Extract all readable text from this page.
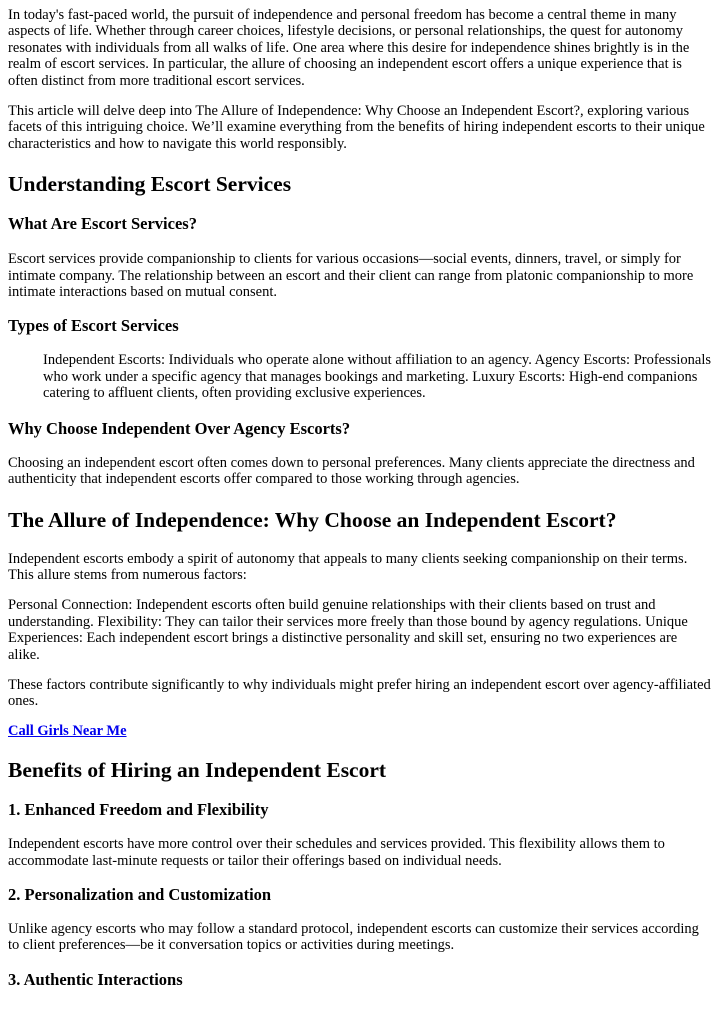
In today's fast-paced world, the pursuit of independence and personal freedom has become a central theme in many aspects of life. Whether through career choices, lifestyle decisions, or personal relationships, the quest for autonomy resonates with individuals from all walks of life. One area where this desire for independence shines brightly is in the realm of escort services. In particular, the allure of choosing an independent escort offers a unique experience that is often distinct from more traditional escort services.

This article will delve deep into The Allure of Independence: Why Choose an Independent Escort?, exploring various facets of this intriguing choice. We’ll examine everything from the benefits of hiring independent escorts to their unique characteristics and how to navigate this world responsibly.

Understanding Escort Services
What Are Escort Services?

Escort services provide companionship to clients for various occasions—social events, dinners, travel, or simply for intimate company. The relationship between an escort and their client can range from platonic companionship to more intimate interactions based on mutual consent.

Types of Escort Services
Independent Escorts: Individuals who operate alone without affiliation to an agency. Agency Escorts: Professionals who work under a specific agency that manages bookings and marketing. Luxury Escorts: High-end companions catering to affluent clients, often providing exclusive experiences.
Why Choose Independent Over Agency Escorts?

Choosing an independent escort often comes down to personal preferences. Many clients appreciate the directness and authenticity that independent escorts offer compared to those working through agencies.

The Allure of Independence: Why Choose an Independent Escort?

Independent escorts embody a spirit of autonomy that appeals to many clients seeking companionship on their terms. This allure stems from numerous factors:

Personal Connection: Independent escorts often build genuine relationships with their clients based on trust and understanding. Flexibility: They can tailor their services more freely than those bound by agency regulations. Unique Experiences: Each independent escort brings a distinctive personality and skill set, ensuring no two experiences are alike.

These factors contribute significantly to why individuals might prefer hiring an independent escort over agency-affiliated ones.

Call Girls Near Me

Benefits of Hiring an Independent Escort
1. Enhanced Freedom and Flexibility

Independent escorts have more control over their schedules and services provided. This flexibility allows them to accommodate last-minute requests or tailor their offerings based on individual needs.

2. Personalization and Customization

Unlike agency escorts who may follow a standard protocol, independent escorts can customize their services according to client preferences—be it conversation topics or activities during meetings.

3. Authentic Interactions
